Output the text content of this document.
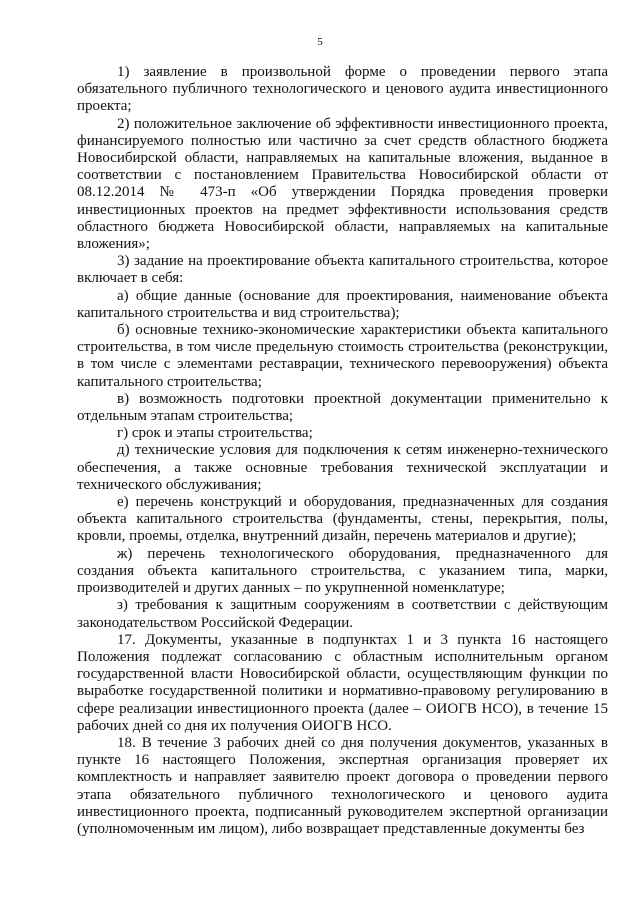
5

1) заявление в произвольной форме о проведении первого этапа обязательного публичного технологического и ценового аудита инвестиционного проекта;

2) положительное заключение об эффективности инвестиционного проекта, финансируемого полностью или частично за счет средств областного бюджета Новосибирской области, направляемых на капитальные вложения, выданное в соответствии с постановлением Правительства Новосибирской области от 08.12.2014 № 473-п «Об утверждении Порядка проведения проверки инвестиционных проектов на предмет эффективности использования средств областного бюджета Новосибирской области, направляемых на капитальные вложения»;

3) задание на проектирование объекта капитального строительства, которое включает в себя:

а) общие данные (основание для проектирования, наименование объекта капитального строительства и вид строительства);

б) основные технико-экономические характеристики объекта капитального строительства, в том числе предельную стоимость строительства (реконструкции, в том числе с элементами реставрации, технического перевооружения) объекта капитального строительства;

в) возможность подготовки проектной документации применительно к отдельным этапам строительства;

г) срок и этапы строительства;

д) технические условия для подключения к сетям инженерно-технического обеспечения, а также основные требования технической эксплуатации и технического обслуживания;

е) перечень конструкций и оборудования, предназначенных для создания объекта капитального строительства (фундаменты, стены, перекрытия, полы, кровли, проемы, отделка, внутренний дизайн, перечень материалов и другие);

ж) перечень технологического оборудования, предназначенного для создания объекта капитального строительства, с указанием типа, марки, производителей и других данных – по укрупненной номенклатуре;

з) требования к защитным сооружениям в соответствии с действующим законодательством Российской Федерации.

17. Документы, указанные в подпунктах 1 и 3 пункта 16 настоящего Положения подлежат согласованию с областным исполнительным органом государственной власти Новосибирской области, осуществляющим функции по выработке государственной политики и нормативно-правовому регулированию в сфере реализации инвестиционного проекта (далее – ОИОГВ НСО), в течение 15 рабочих дней со дня их получения ОИОГВ НСО.

18. В течение 3 рабочих дней со дня получения документов, указанных в пункте 16 настоящего Положения, экспертная организация проверяет их комплектность и направляет заявителю проект договора о проведении первого этапа обязательного публичного технологического и ценового аудита инвестиционного проекта, подписанный руководителем экспертной организации (уполномоченным им лицом), либо возвращает представленные документы без
